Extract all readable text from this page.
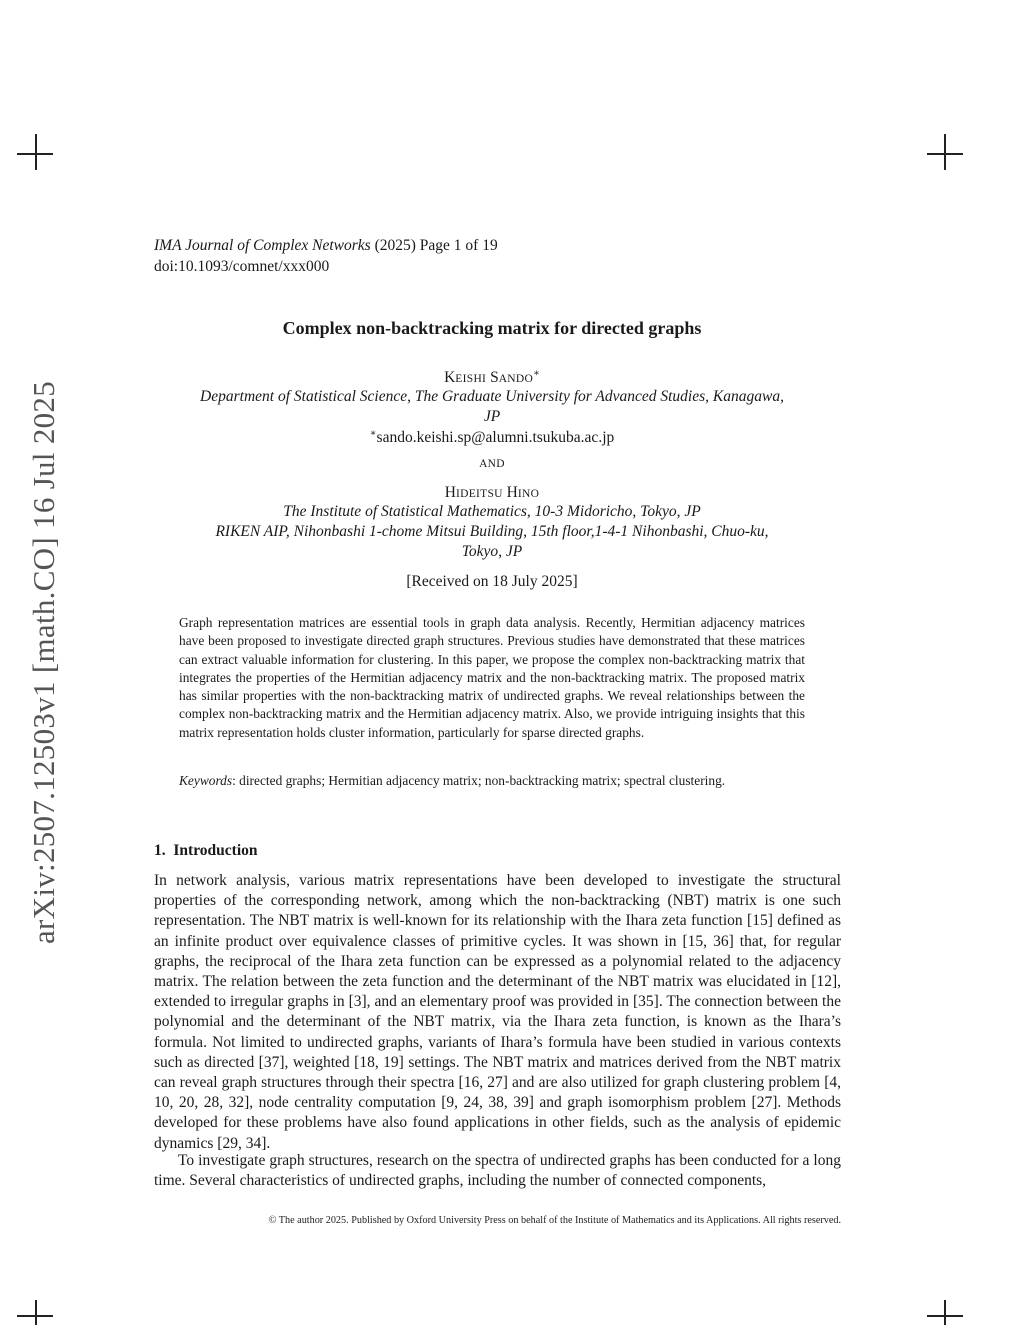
arXiv:2507.12503v1 [math.CO] 16 Jul 2025
IMA Journal of Complex Networks (2025) Page 1 of 19
doi:10.1093/comnet/xxx000
Complex non-backtracking matrix for directed graphs
KEISHI SANDO∗
Department of Statistical Science, The Graduate University for Advanced Studies, Kanagawa,
JP
∗sando.keishi.sp@alumni.tsukuba.ac.jp
AND
HIDEITSU HINO
The Institute of Statistical Mathematics, 10-3 Midoricho, Tokyo, JP
RIKEN AIP, Nihonbashi 1-chome Mitsui Building, 15th floor,1-4-1 Nihonbashi, Chuo-ku,
Tokyo, JP
[Received on 18 July 2025]

Graph representation matrices are essential tools in graph data analysis. Recently, Hermitian adjacency matrices have been proposed to investigate directed graph structures. Previous studies have demonstrated that these matrices can extract valuable information for clustering. In this paper, we propose the complex non-backtracking matrix that integrates the properties of the Hermitian adjacency matrix and the non-backtracking matrix. The proposed matrix has similar properties with the non-backtracking matrix of undirected graphs. We reveal relationships between the complex non-backtracking matrix and the Hermitian adjacency matrix. Also, we provide intriguing insights that this matrix representation holds cluster information, particularly for sparse directed graphs.

Keywords: directed graphs; Hermitian adjacency matrix; non-backtracking matrix; spectral clustering.

1. Introduction

In network analysis, various matrix representations have been developed to investigate the structural properties of the corresponding network, among which the non-backtracking (NBT) matrix is one such representation. The NBT matrix is well-known for its relationship with the Ihara zeta function [15] defined as an infinite product over equivalence classes of primitive cycles. It was shown in [15, 36] that, for regular graphs, the reciprocal of the Ihara zeta function can be expressed as a polynomial related to the adjacency matrix. The relation between the zeta function and the determinant of the NBT matrix was elucidated in [12], extended to irregular graphs in [3], and an elementary proof was provided in [35]. The connection between the polynomial and the determinant of the NBT matrix, via the Ihara zeta function, is known as the Ihara’s formula. Not limited to undirected graphs, variants of Ihara’s formula have been studied in various contexts such as directed [37], weighted [18, 19] settings. The NBT matrix and matrices derived from the NBT matrix can reveal graph structures through their spectra [16, 27] and are also utilized for graph clustering problem [4, 10, 20, 28, 32], node centrality computation [9, 24, 38, 39] and graph isomorphism problem [27]. Methods developed for these problems have also found applications in other fields, such as the analysis of epidemic dynamics [29, 34].

To investigate graph structures, research on the spectra of undirected graphs has been conducted for a long time. Several characteristics of undirected graphs, including the number of connected components,

© The author 2025. Published by Oxford University Press on behalf of the Institute of Mathematics and its Applications. All rights reserved.
